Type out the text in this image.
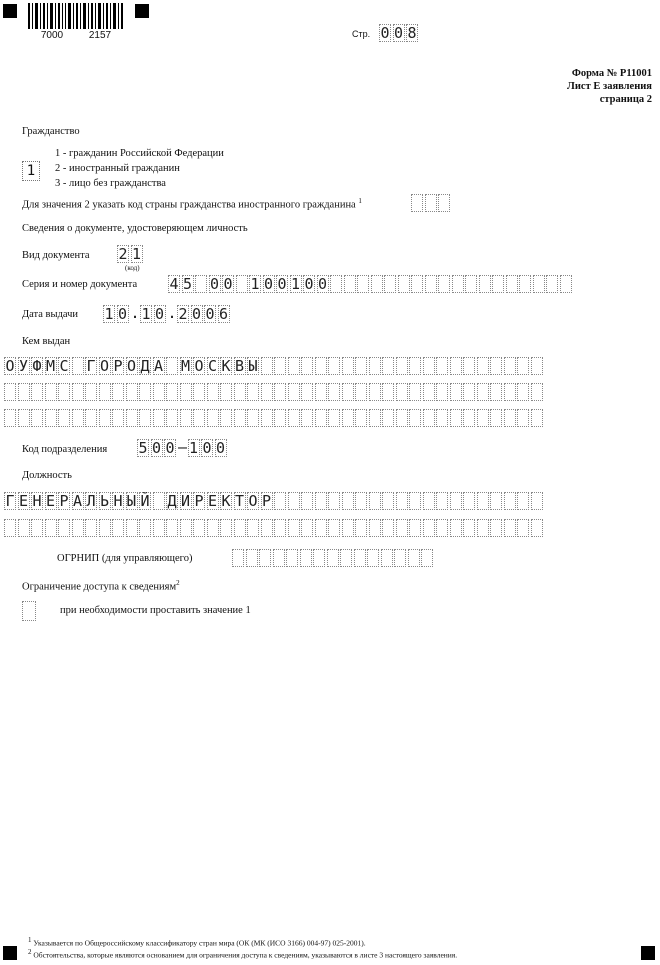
7000	2157	Стр. 0 0 8
Форма № Р11001
Лист Е заявления
страница 2
Гражданство
1
1 - гражданин Российской Федерации
2 - иностранный гражданин
3 - лицо без гражданства
Для значения 2 указать код страны гражданства иностранного гражданина $^1$
Сведения о документе, удостоверяющем личность
Вид документа 2 1
(код)
Серия и номер документа 4 5 0 0 1 0 0 1 0 0
Дата выдачи 1 0 . 1 0 . 2 0 0 6
Кем выдан
О У Ф М С Г О Р О Д А М О С К В Ы
Код подразделения 5 0 0 – 1 0 0
Должность
Г Е Н Е Р А Л Ь Н Ы Й Д И Р Е К Т О Р
ОГРНИП (для управляющего)
Ограничение доступа к сведениям$^2$
при необходимости проставить значение 1
$^1$ Указывается по Общероссийскому классификатору стран мира (ОК (МК (ИСО 3166) 004-97) 025-2001).
$^2$ Обстоятельства, которые являются основанием для ограничения доступа к сведениям, указываются в листе 3 настоящего заявления.
